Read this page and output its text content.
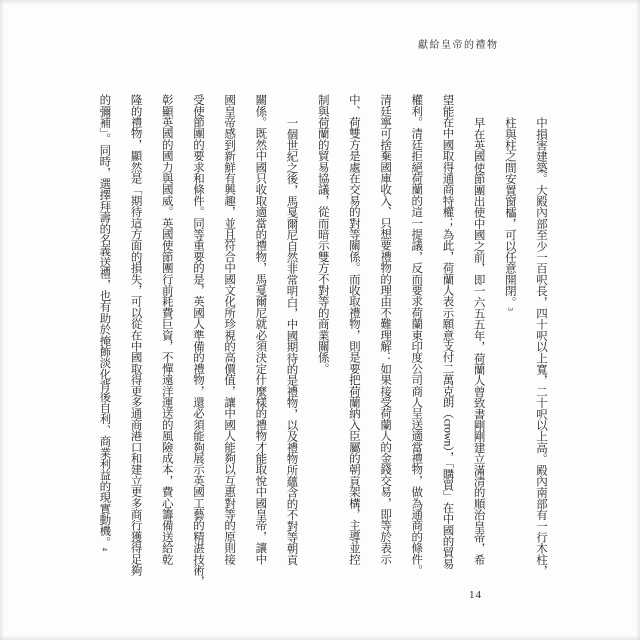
獻給皇帝的禮物
中損害建築。大殿內部至少一百呎長，四十呎以上寬，二十呎以上高。殿內南部有一行木柱，
柱與柱之間安置窗櫺，可以任意開閉。3
早在英國使節團出使中國之前，即一六五五年，荷蘭人曾致書剛剛建立滿清的順治皇帝，希
望能在中國取得通商特權；為此，荷蘭人表示願意支付二萬克朗（crown），「購買」在中國的貿易
權利。清廷拒絕荷蘭的這一提議，反而要求荷蘭東印度公司商人呈送適當禮物，做為通商的條件。
清廷寧可捨棄國庫收入、只想要禮物的理由不難理解：如果接受荷蘭人的金錢交易，即等於表示
中、荷雙方是處在交易的對等關係。而收取禮物，則是要把荷蘭納入臣屬的朝貢架構，主導並控
制與荷蘭的貿易協議，從而暗示雙方不對等的商業關係。
一個世紀之後，馬戛爾尼自然非常明白，中國期待的是禮物，以及禮物所蘊含的不對等朝貢
關係。既然中國只收取適當的禮物，馬戛爾尼就必須決定什麼樣的禮物才能取悅中國皇帝，讓中
國皇帝感到新鮮有興趣，並且符合中國文化所珍視的高價值，讓中國人能夠以互惠對等的原則接
受使節團的要求和條件。同等重要的是，英國人準備的禮物，還必須能夠展示英國工藝的精湛技術，
彰顯英國的國力與國威。英國使節團行前耗費巨資，不憚遠洋運送的風險成本，費心籌備送給乾
隆的禮物，顯然是「期待這方面的損失，可以從在中國取得更多通商港口和建立更多商行獲得足夠
的彌補」。同時，選擇拜壽的名義送禮，也有助於掩飾淡化背後自利、商業利益的現實動機。4
14
